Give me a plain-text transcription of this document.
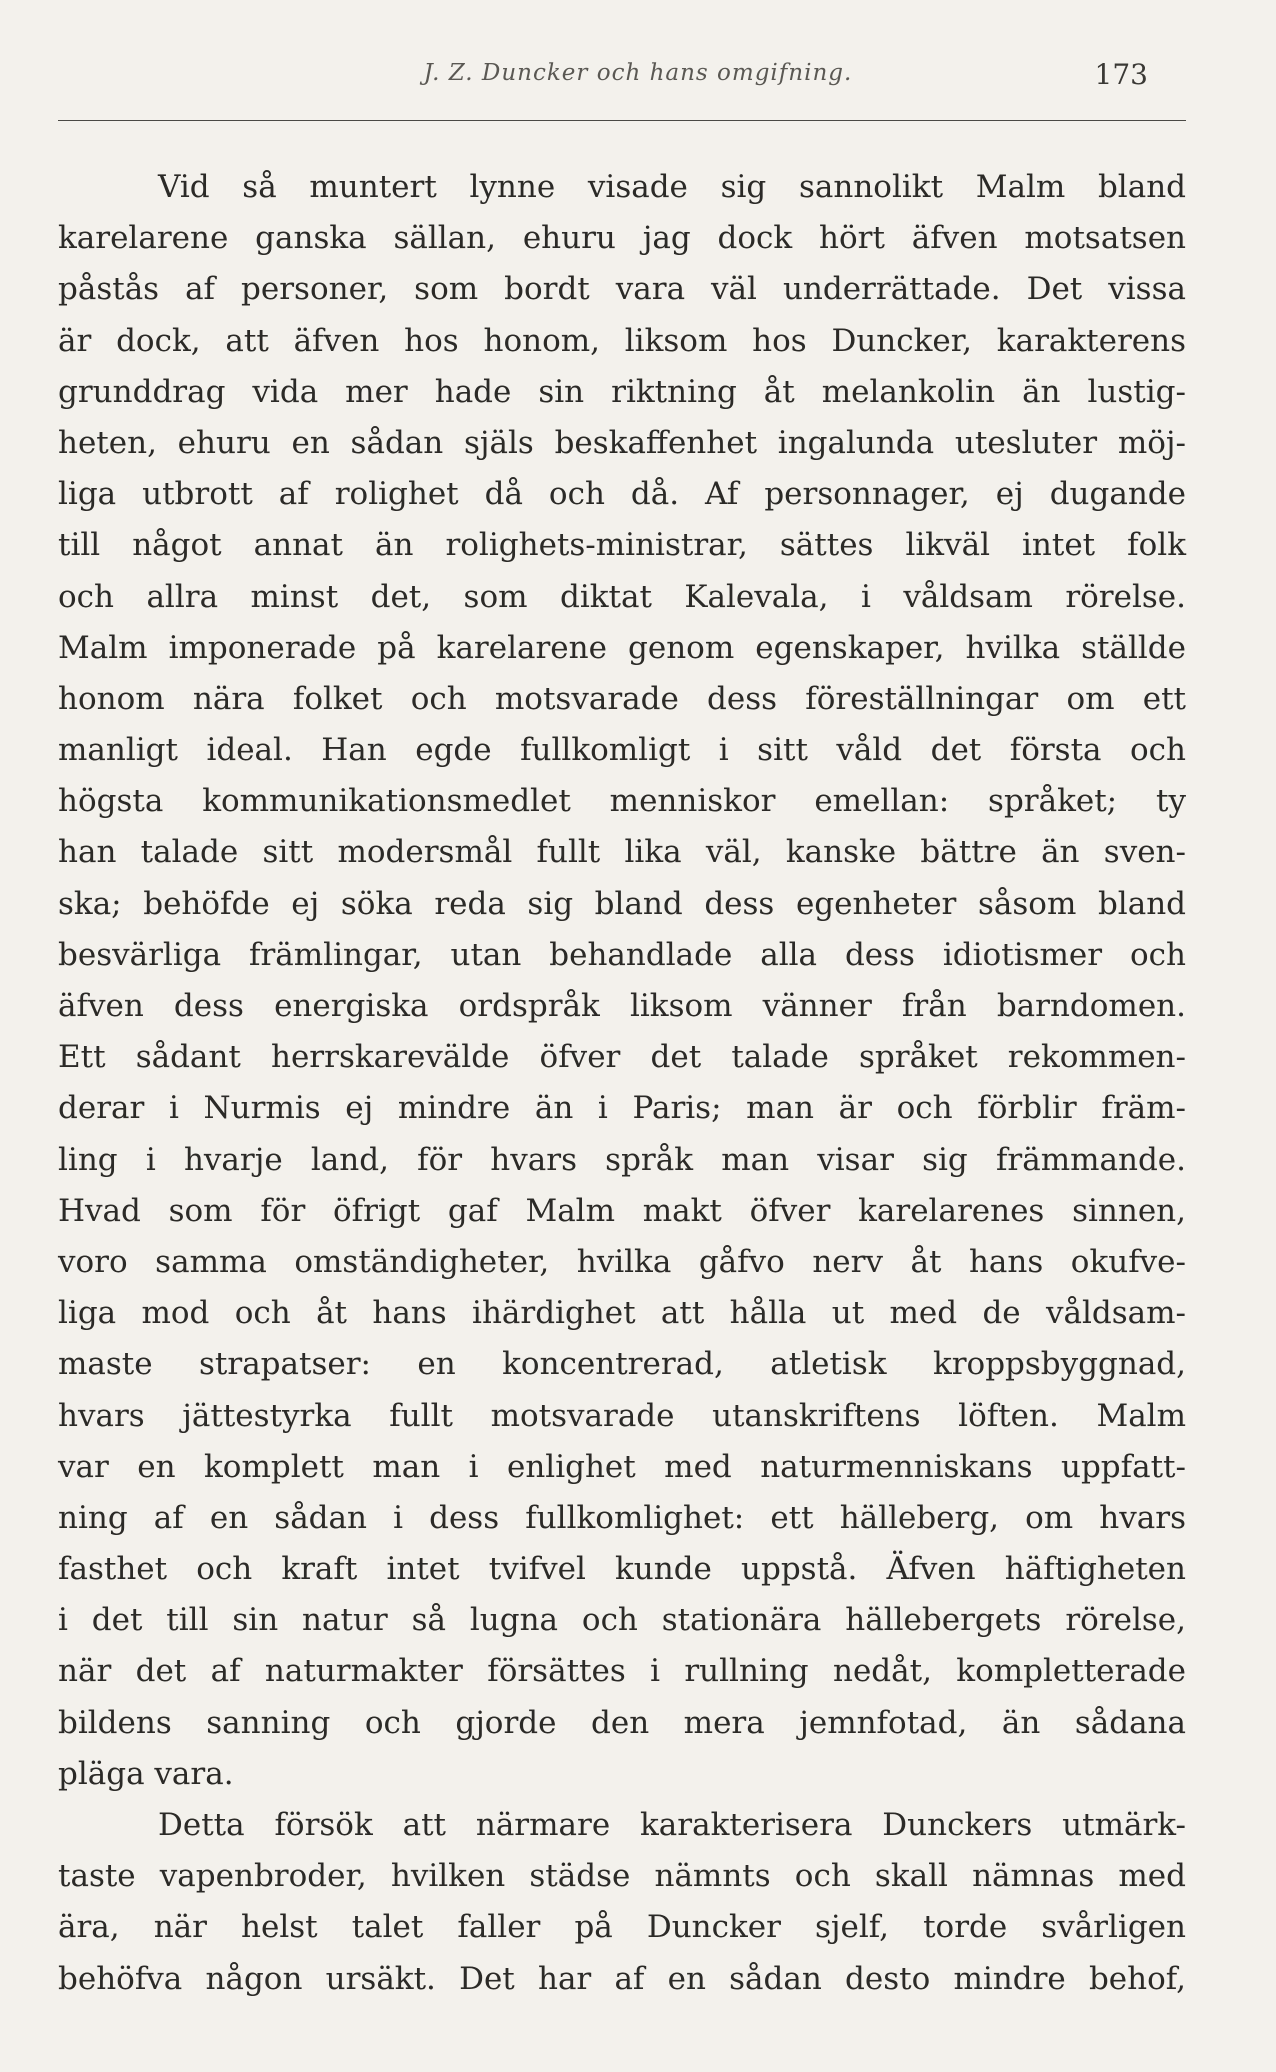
J. Z. Duncker och hans omgifning.	173
Vid så muntert lynne visade sig sannolikt Malm bland
karelarene ganska sällan, ehuru jag dock hört äfven motsatsen
påstås af personer, som bordt vara väl underrättade. Det vissa
är dock, att äfven hos honom, liksom hos Duncker, karakterens
grunddrag vida mer hade sin riktning åt melankolin än lustig-
heten, ehuru en sådan själs beskaffenhet ingalunda utesluter möj-
liga utbrott af rolighet då och då. Af personnager, ej dugande
till något annat än rolighets-ministrar, sättes likväl intet folk
och allra minst det, som diktat Kalevala, i våldsam rörelse.
Malm imponerade på karelarene genom egenskaper, hvilka ställde
honom nära folket och motsvarade dess föreställningar om ett
manligt ideal. Han egde fullkomligt i sitt våld det första och
högsta kommunikationsmedlet menniskor emellan: språket; ty
han talade sitt modersmål fullt lika väl, kanske bättre än sven-
ska; behöfde ej söka reda sig bland dess egenheter såsom bland
besvärliga främlingar, utan behandlade alla dess idiotismer och
äfven dess energiska ordspråk liksom vänner från barndomen.
Ett sådant herrskarevälde öfver det talade språket rekommen-
derar i Nurmis ej mindre än i Paris; man är och förblir främ-
ling i hvarje land, för hvars språk man visar sig främmande.
Hvad som för öfrigt gaf Malm makt öfver karelarenes sinnen,
voro samma omständigheter, hvilka gåfvo nerv åt hans okufve-
liga mod och åt hans ihärdighet att hålla ut med de våldsam-
maste strapatser: en koncentrerad, atletisk kroppsbyggnad,
hvars jättestyrka fullt motsvarade utanskriftens löften. Malm
var en komplett man i enlighet med naturmenniskans uppfatt-
ning af en sådan i dess fullkomlighet: ett hälleberg, om hvars
fasthet och kraft intet tvifvel kunde uppstå. Äfven häftigheten
i det till sin natur så lugna och stationära hällebergets rörelse,
när det af naturmakter försättes i rullning nedåt, kompletterade
bildens sanning och gjorde den mera jemnfotad, än sådana
pläga vara.
Detta försök att närmare karakterisera Dunckers utmärk-
taste vapenbroder, hvilken städse nämnts och skall nämnas med
ära, när helst talet faller på Duncker sjelf, torde svårligen
behöfva någon ursäkt. Det har af en sådan desto mindre behof,
